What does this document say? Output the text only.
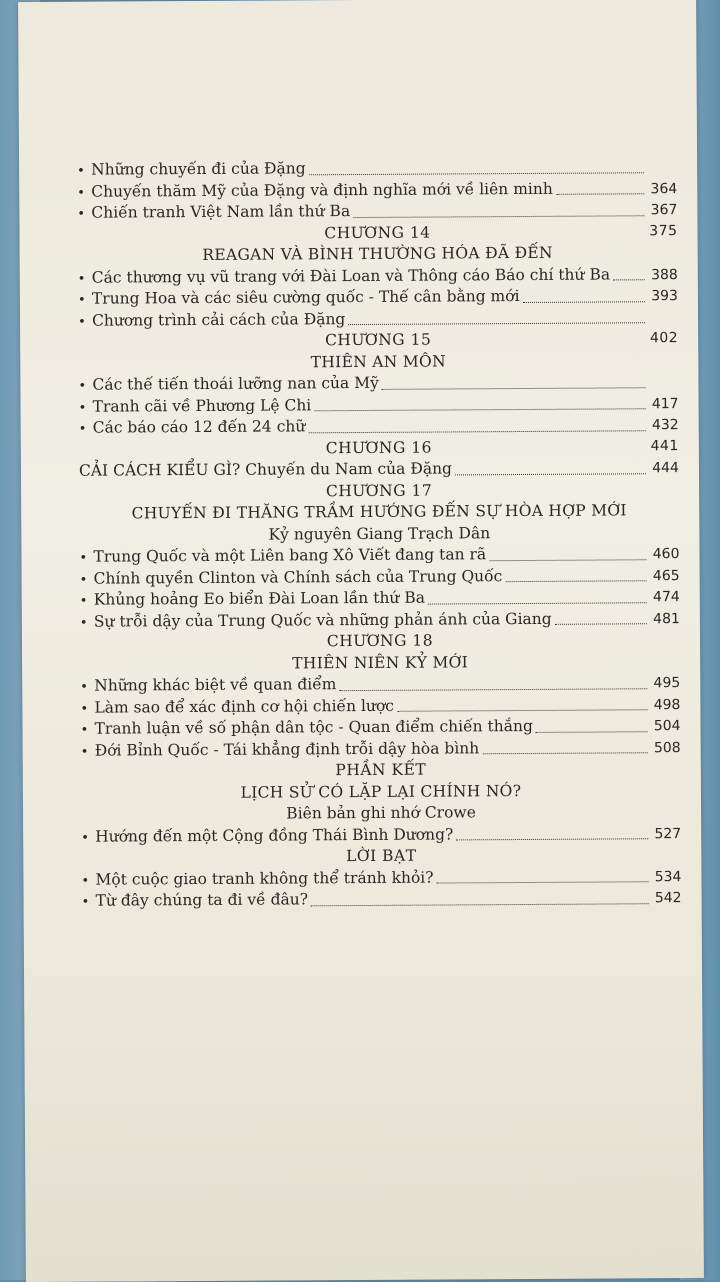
• Những chuyến đi của Đặng
• Chuyến thăm Mỹ của Đặng và định nghĩa mới về liên minh	364
• Chiến tranh Việt Nam lần thứ Ba	367
CHƯƠNG 14	375
REAGAN VÀ BÌNH THƯỜNG HÓA ĐÃ ĐẾN
• Các thương vụ vũ trang với Đài Loan và Thông cáo Báo chí thứ Ba	388
• Trung Hoa và các siêu cường quốc - Thế cân bằng mới	393
• Chương trình cải cách của Đặng
CHƯƠNG 15	402
THIÊN AN MÔN
• Các thế tiến thoái lưỡng nan của Mỹ
• Tranh cãi về Phương Lệ Chi	417
• Các báo cáo 12 đến 24 chữ	432
CHƯƠNG 16	441
CẢI CÁCH KIỂU GÌ? Chuyến du Nam của Đặng	444
CHƯƠNG 17
CHUYẾN ĐI THĂNG TRẦM HƯỚNG ĐẾN SỰ HÒA HỢP MỚI
Kỷ nguyên Giang Trạch Dân
• Trung Quốc và một Liên bang Xô Viết đang tan rã	460
• Chính quyền Clinton và Chính sách của Trung Quốc	465
• Khủng hoảng Eo biển Đài Loan lần thứ Ba	474
• Sự trỗi dậy của Trung Quốc và những phản ánh của Giang	481
CHƯƠNG 18
THIÊN NIÊN KỶ MỚI
• Những khác biệt về quan điểm	495
• Làm sao để xác định cơ hội chiến lược	498
• Tranh luận về số phận dân tộc - Quan điểm chiến thắng	504
• Đới Bỉnh Quốc - Tái khẳng định trỗi dậy hòa bình	508
PHẦN KẾT
LỊCH SỬ CÓ LẶP LẠI CHÍNH NÓ?
Biên bản ghi nhớ Crowe
• Hướng đến một Cộng đồng Thái Bình Dương?	527
LỜI BẠT
• Một cuộc giao tranh không thể tránh khỏi?	534
• Từ đây chúng ta đi về đâu?	542
